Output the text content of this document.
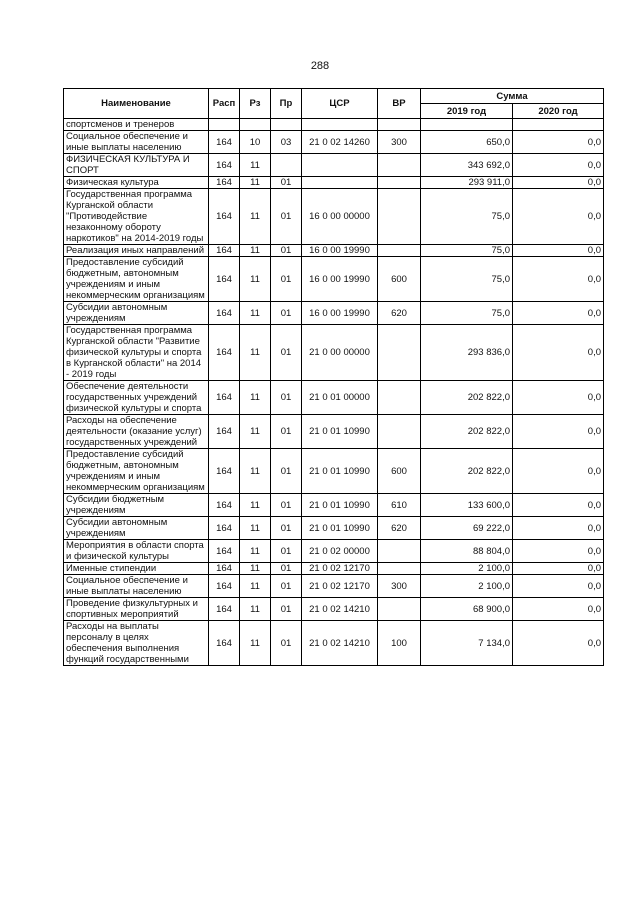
288
Наименование	Расп	Рз	Пр	ЦСР	ВР	Сумма	
						2019 год	2020 год
спортсменов и тренеров							
Социальное обеспечение и иные выплаты населению	164	10	03	21 0 02 14260	300	650,0	0,0
ФИЗИЧЕСКАЯ КУЛЬТУРА И СПОРТ	164	11				343 692,0	0,0
Физическая культура	164	11	01			293 911,0	0,0
Государственная программа Курганской области "Противодействие незаконному обороту наркотиков" на 2014-2019 годы	164	11	01	16 0 00 00000		75,0	0,0
Реализация иных направлений	164	11	01	16 0 00 19990		75,0	0,0
Предоставление субсидий бюджетным, автономным учреждениям и иным некоммерческим организациям	164	11	01	16 0 00 19990	600	75,0	0,0
Субсидии автономным учреждениям	164	11	01	16 0 00 19990	620	75,0	0,0
Государственная программа Курганской области "Развитие физической культуры и спорта в Курганской области" на 2014 - 2019 годы	164	11	01	21 0 00 00000		293 836,0	0,0
Обеспечение деятельности государственных учреждений физической культуры и спорта	164	11	01	21 0 01 00000		202 822,0	0,0
Расходы на обеспечение деятельности (оказание услуг) государственных учреждений	164	11	01	21 0 01 10990		202 822,0	0,0
Предоставление субсидий бюджетным, автономным учреждениям и иным некоммерческим организациям	164	11	01	21 0 01 10990	600	202 822,0	0,0
Субсидии бюджетным учреждениям	164	11	01	21 0 01 10990	610	133 600,0	0,0
Субсидии автономным учреждениям	164	11	01	21 0 01 10990	620	69 222,0	0,0
Мероприятия в области спорта и физической культуры	164	11	01	21 0 02 00000		88 804,0	0,0
Именные стипендии	164	11	01	21 0 02 12170		2 100,0	0,0
Социальное обеспечение и иные выплаты населению	164	11	01	21 0 02 12170	300	2 100,0	0,0
Проведение физкультурных и спортивных мероприятий	164	11	01	21 0 02 14210		68 900,0	0,0
Расходы на выплаты персоналу в целях обеспечения выполнения функций государственными	164	11	01	21 0 02 14210	100	7 134,0	0,0
